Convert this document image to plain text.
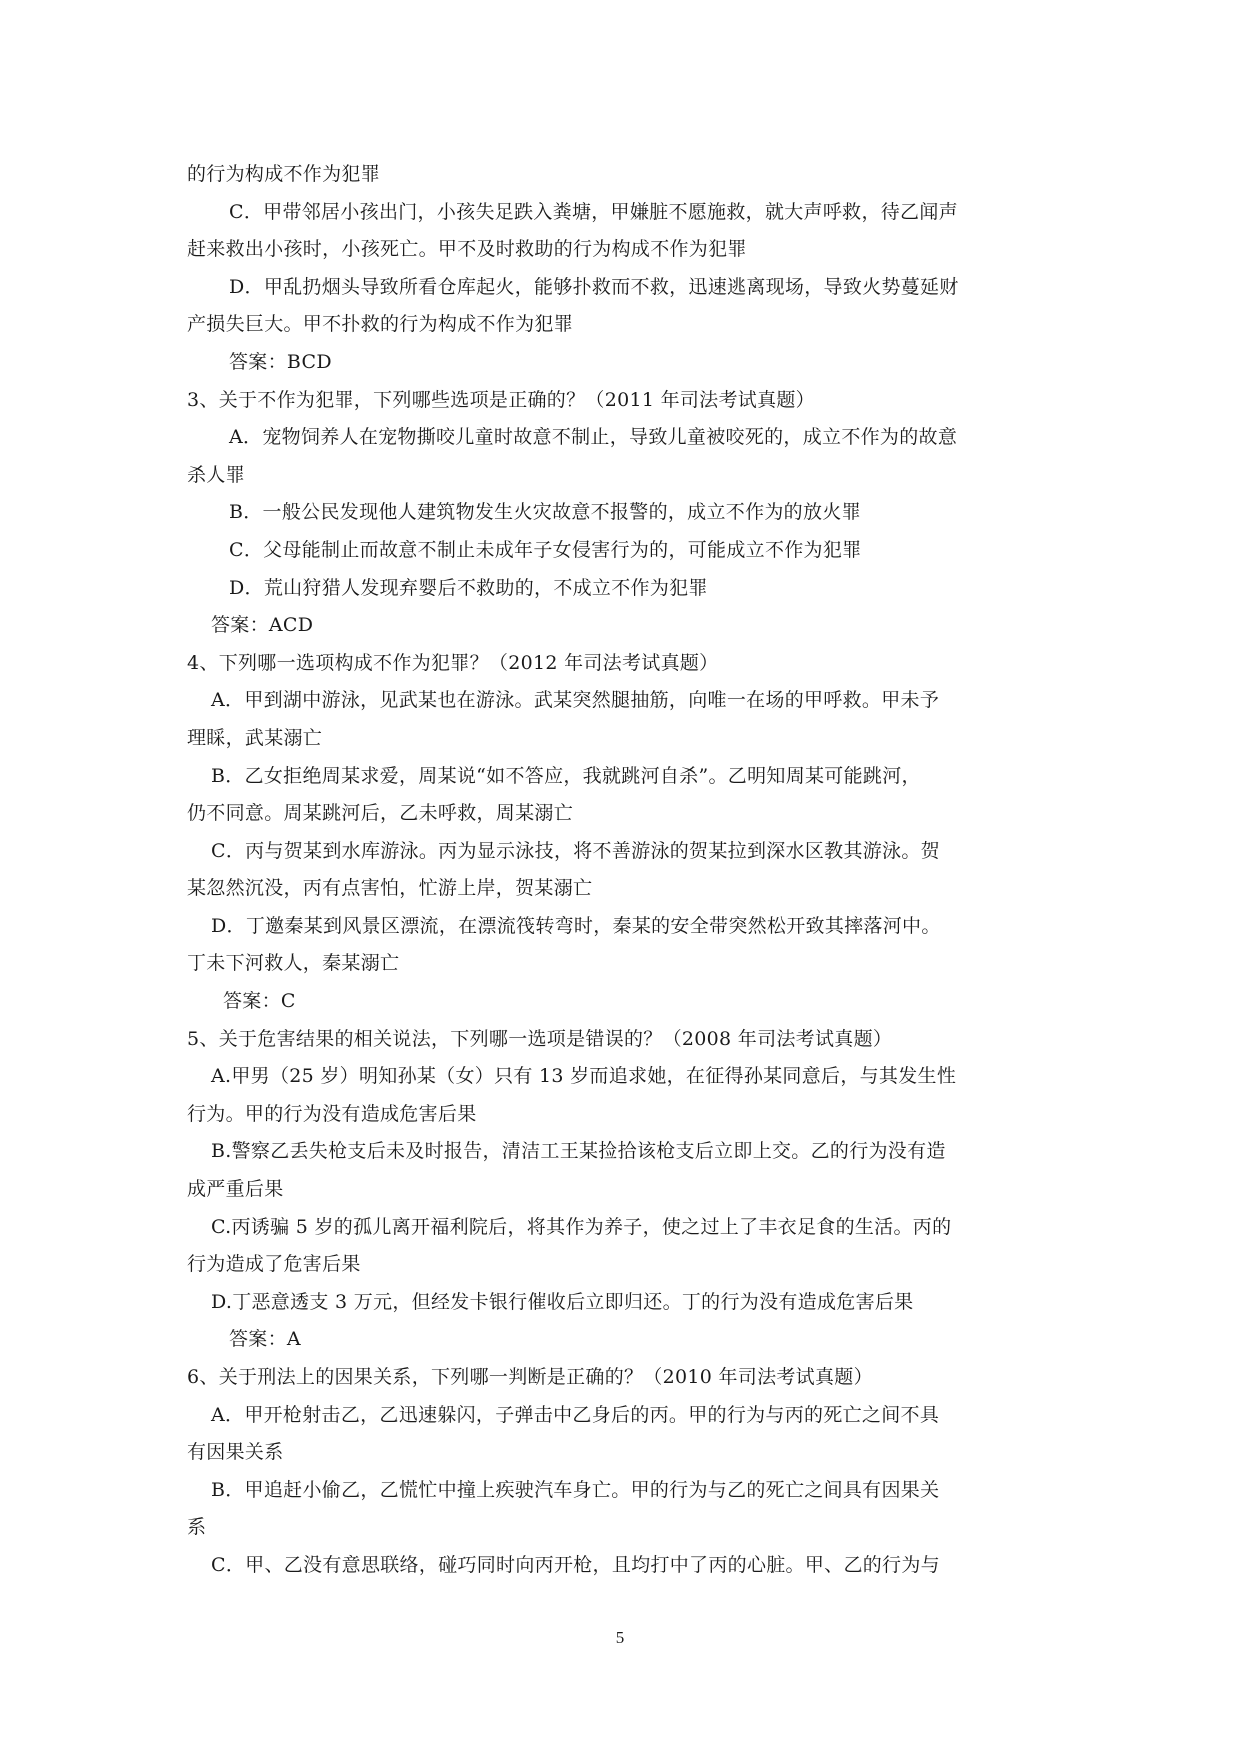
的行为构成不作为犯罪
C．甲带邻居小孩出门，小孩失足跌入粪塘，甲嫌脏不愿施救，就大声呼救，待乙闻声
赶来救出小孩时，小孩死亡。甲不及时救助的行为构成不作为犯罪
D．甲乱扔烟头导致所看仓库起火，能够扑救而不救，迅速逃离现场，导致火势蔓延财
产损失巨大。甲不扑救的行为构成不作为犯罪
答案：BCD
3、关于不作为犯罪，下列哪些选项是正确的？（2011 年司法考试真题）
A．宠物饲养人在宠物撕咬儿童时故意不制止，导致儿童被咬死的，成立不作为的故意
杀人罪
B．一般公民发现他人建筑物发生火灾故意不报警的，成立不作为的放火罪
C．父母能制止而故意不制止未成年子女侵害行为的，可能成立不作为犯罪
D．荒山狩猎人发现弃婴后不救助的，不成立不作为犯罪
答案：ACD
4、下列哪一选项构成不作为犯罪？（2012 年司法考试真题）
A．甲到湖中游泳，见武某也在游泳。武某突然腿抽筋，向唯一在场的甲呼救。甲未予
理睬，武某溺亡
B．乙女拒绝周某求爱，周某说“如不答应，我就跳河自杀”。乙明知周某可能跳河，
仍不同意。周某跳河后，乙未呼救，周某溺亡
C．丙与贺某到水库游泳。丙为显示泳技，将不善游泳的贺某拉到深水区教其游泳。贺
某忽然沉没，丙有点害怕，忙游上岸，贺某溺亡
D．丁邀秦某到风景区漂流，在漂流筏转弯时，秦某的安全带突然松开致其摔落河中。
丁未下河救人，秦某溺亡
答案：C
5、关于危害结果的相关说法，下列哪一选项是错误的？（2008 年司法考试真题）
A.甲男（25 岁）明知孙某（女）只有 13 岁而追求她，在征得孙某同意后，与其发生性
行为。甲的行为没有造成危害后果
B.警察乙丢失枪支后未及时报告，清洁工王某捡拾该枪支后立即上交。乙的行为没有造
成严重后果
C.丙诱骗 5 岁的孤儿离开福利院后，将其作为养子，使之过上了丰衣足食的生活。丙的
行为造成了危害后果
D.丁恶意透支 3 万元，但经发卡银行催收后立即归还。丁的行为没有造成危害后果
答案：A
6、关于刑法上的因果关系，下列哪一判断是正确的？（2010 年司法考试真题）
A．甲开枪射击乙，乙迅速躲闪，子弹击中乙身后的丙。甲的行为与丙的死亡之间不具
有因果关系
B．甲追赶小偷乙，乙慌忙中撞上疾驶汽车身亡。甲的行为与乙的死亡之间具有因果关
系
C．甲、乙没有意思联络，碰巧同时向丙开枪，且均打中了丙的心脏。甲、乙的行为与
5
